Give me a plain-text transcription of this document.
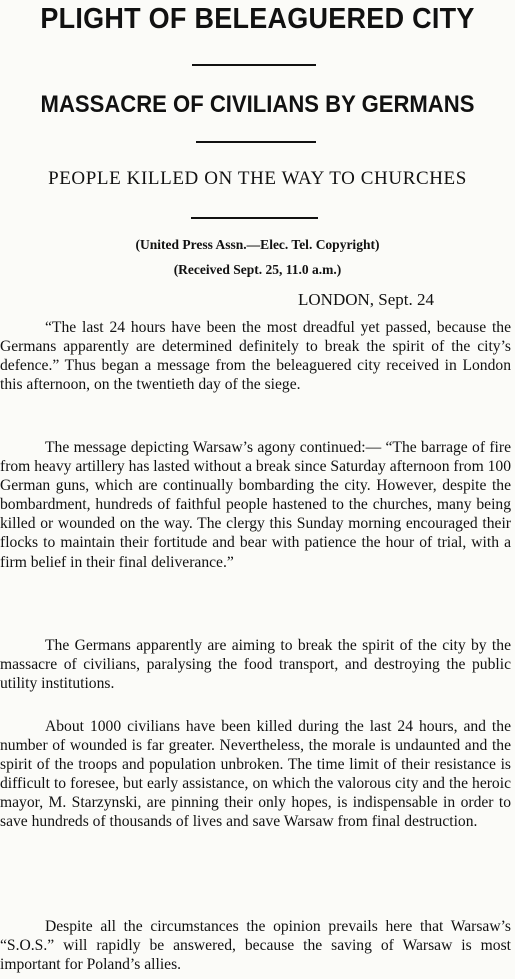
PLIGHT OF BELEAGUERED CITY
MASSACRE OF CIVILIANS BY GERMANS
PEOPLE KILLED ON THE WAY TO CHURCHES
(United Press Assn.—Elec. Tel. Copyright)
(Received Sept. 25, 11.0 a.m.)
LONDON, Sept. 24

“The last 24 hours have been the most dreadful yet passed, because the Germans apparently are determined definitely to break the spirit of the city’s defence.” Thus began a message from the beleaguered city received in London this afternoon, on the twentieth day of the siege.

The message depicting Warsaw’s agony continued:— “The barrage of fire from heavy artillery has lasted without a break since Saturday afternoon from 100 German guns, which are continually bombarding the city. However, despite the bombardment, hundreds of faithful people hastened to the churches, many being killed or wounded on the way. The clergy this Sunday morning encouraged their flocks to maintain their fortitude and bear with patience the hour of trial, with a firm belief in their final deliverance.”

The Germans apparently are aiming to break the spirit of the city by the massacre of civilians, paralysing the food transport, and destroying the public utility institutions.

About 1000 civilians have been killed during the last 24 hours, and the number of wounded is far greater. Nevertheless, the morale is undaunted and the spirit of the troops and population unbroken. The time limit of their resistance is difficult to foresee, but early assistance, on which the valorous city and the heroic mayor, M. Starzynski, are pinning their only hopes, is indispensable in order to save hundreds of thousands of lives and save Warsaw from final destruction.

Despite all the circumstances the opinion prevails here that Warsaw’s “S.O.S.” will rapidly be answered, because the saving of Warsaw is most important for Poland’s allies.
